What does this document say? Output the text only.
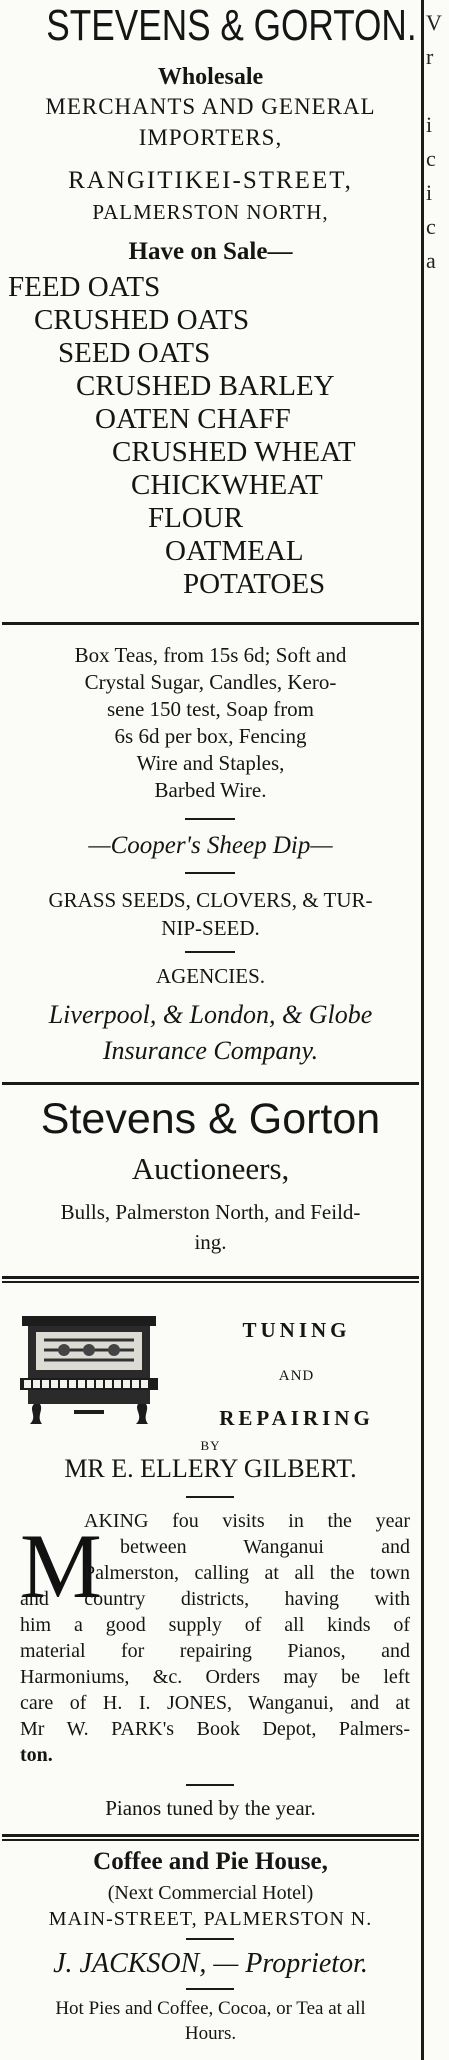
STEVENS & GORTON.
Wholesale
MERCHANTS AND GENERAL
IMPORTERS,
RANGITIKEI-STREET,
PALMERSTON NORTH,
Have on Sale—
FEED OATS
CRUSHED OATS
SEED OATS
CRUSHED BARLEY
OATEN CHAFF
CRUSHED WHEAT
CHICKWHEAT
FLOUR
OATMEAL
POTATOES
Box Teas, from 15s 6d; Soft and
Crystal Sugar, Candles, Kero-
sene 150 test, Soap from
6s 6d per box, Fencing
Wire and Staples,
Barbed Wire.
—Cooper's Sheep Dip—
GRASS SEEDS, CLOVERS, & TUR-
NIP-SEED.
AGENCIES.
Liverpool, & London, & Globe
Insurance Company.
Stevens & Gorton
Auctioneers,
Bulls, Palmerston North, and Feild-
ing.
TUNING
AND
REPAIRING
BY
MR E. ELLERY GILBERT.
M
AKING fou visits in the year
between Wanganui and
Palmerston, calling at all the town
and country districts, having with
him a good supply of all kinds of
material for repairing Pianos, and
Harmoniums, &c. Orders may be left
care of H. I. JONES, Wanganui, and at
Mr W. PARK's Book Depot, Palmers-
ton.
Pianos tuned by the year.
Coffee and Pie House,
(Next Commercial Hotel)
MAIN-STREET, PALMERSTON N.
J. JACKSON, — Proprietor.
Hot Pies and Coffee, Cocoa, or Tea at all
Hours.
V
r
i
c
i
c
a
